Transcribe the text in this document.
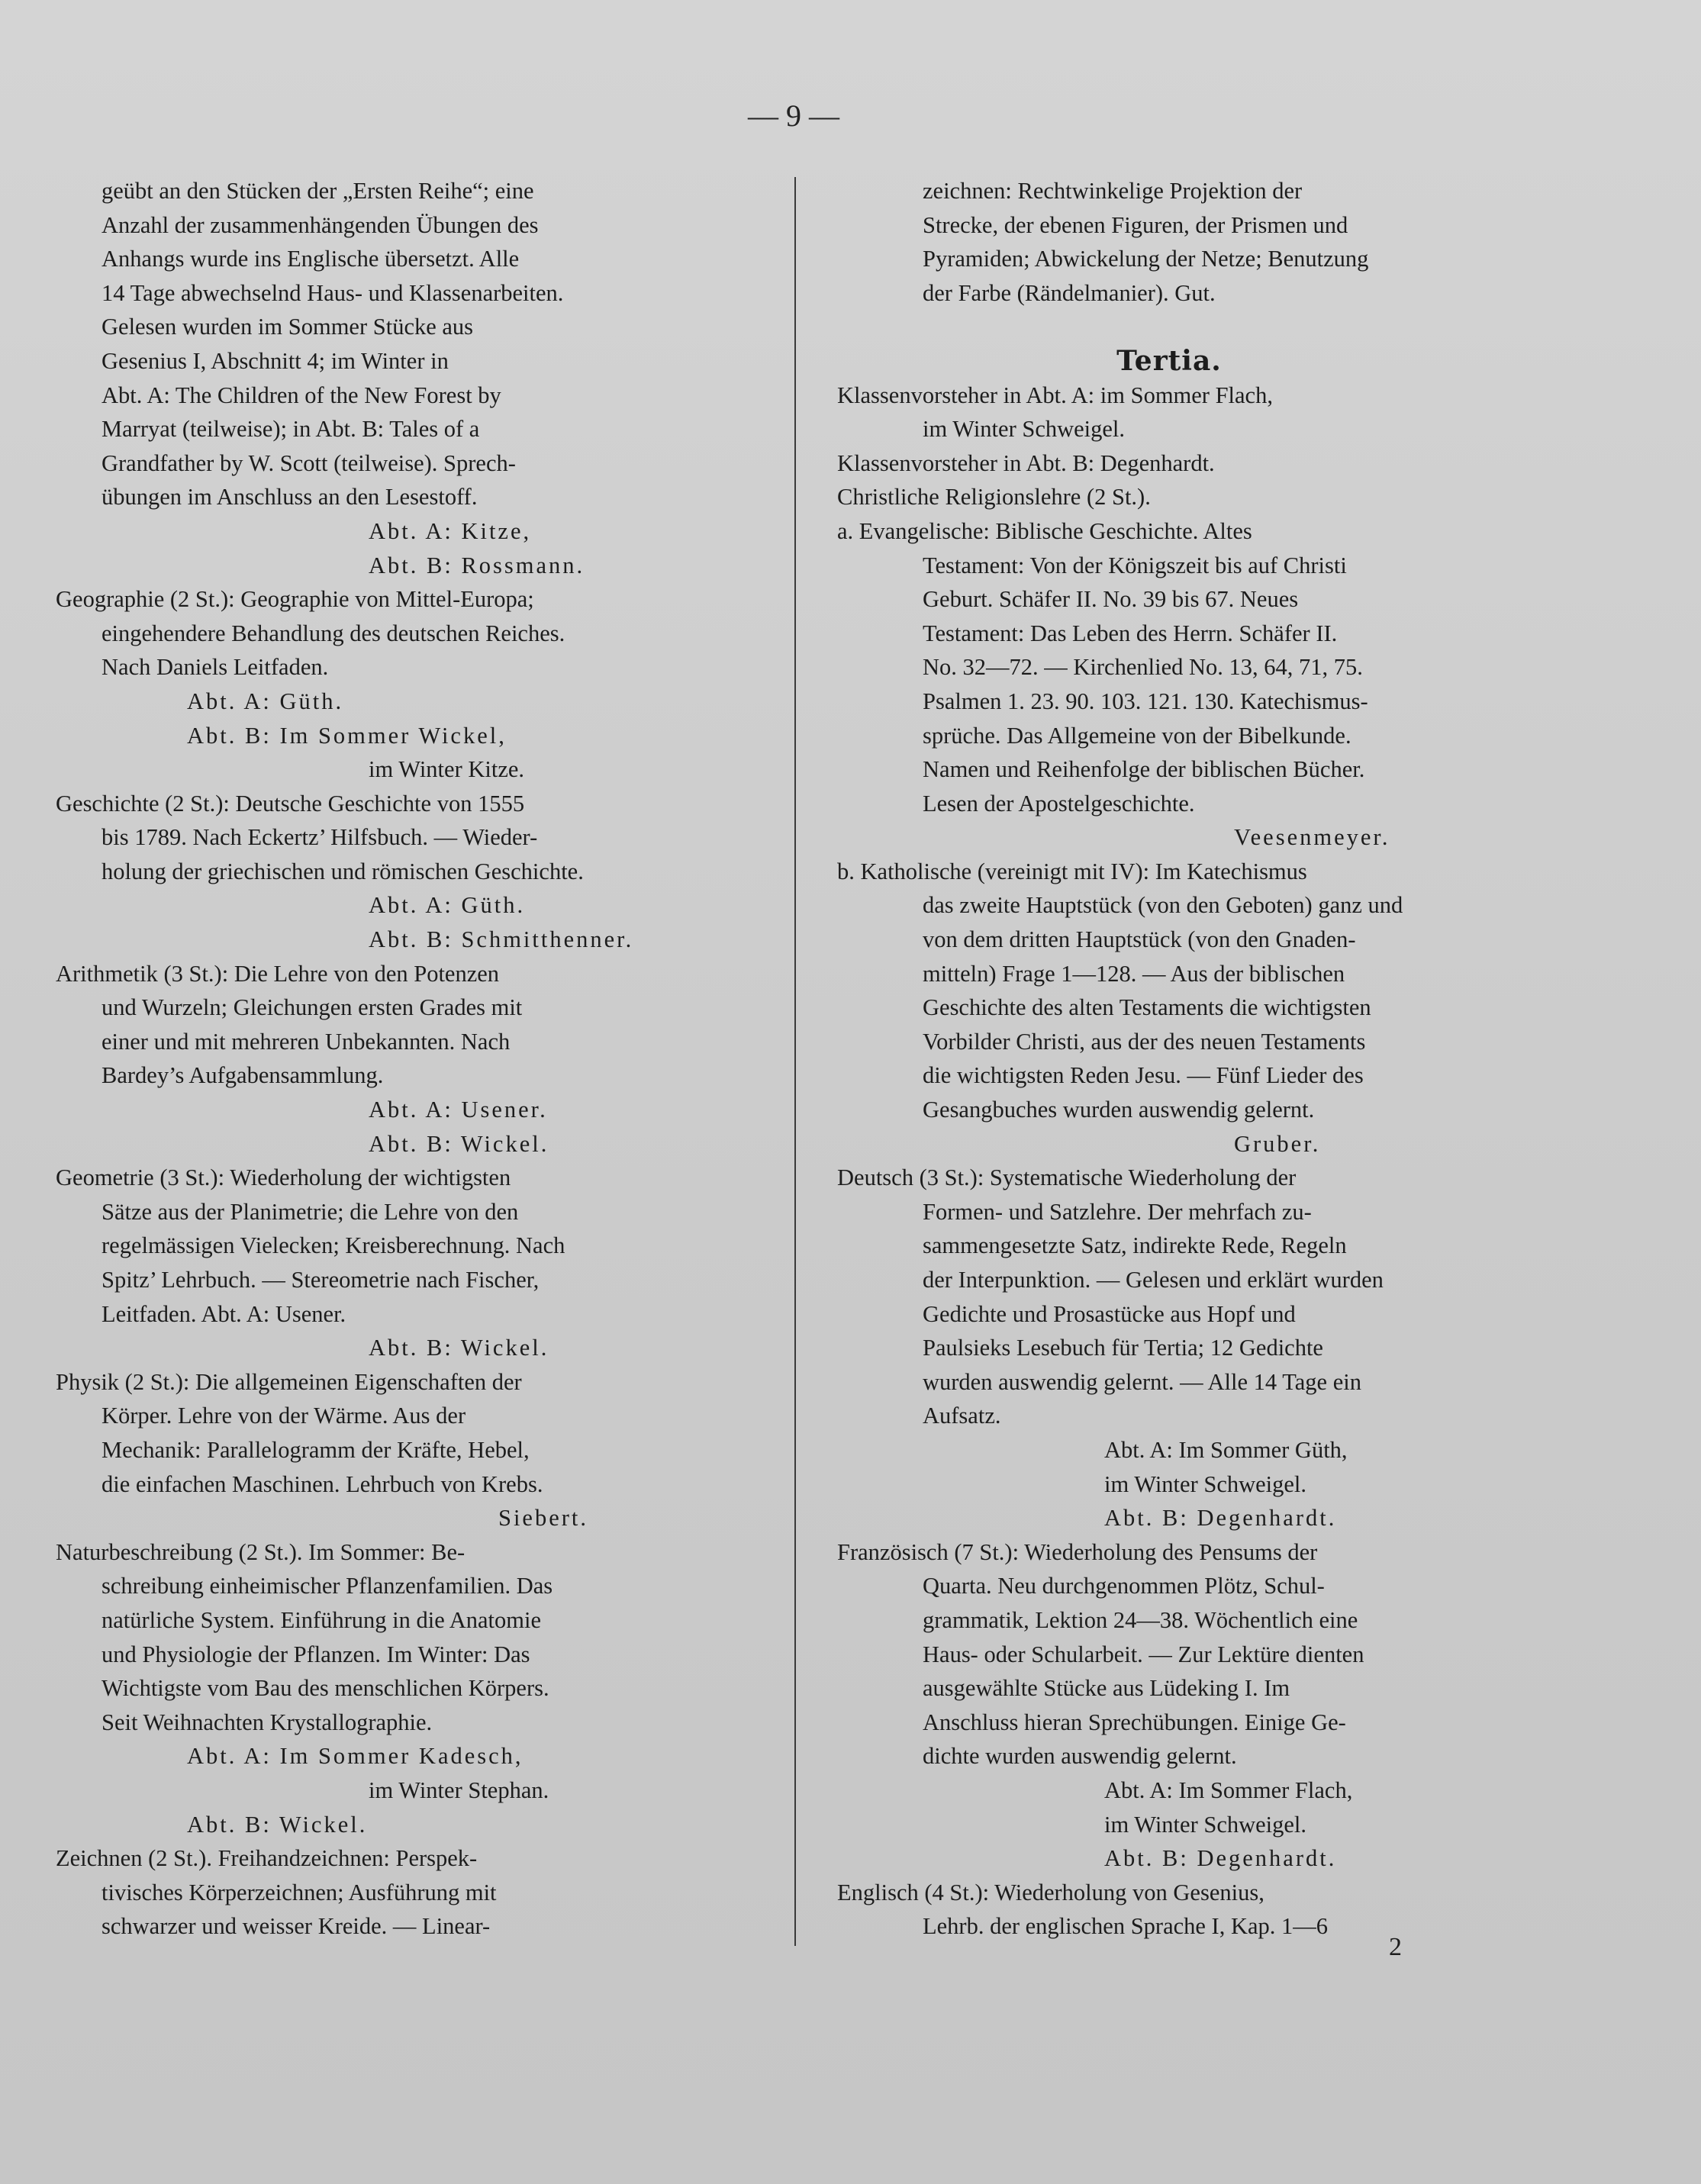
— 9 —
geübt an den Stücken der „Ersten Reihe“; eine
Anzahl der zusammenhängenden Übungen des
Anhangs wurde ins Englische übersetzt. Alle
14 Tage abwechselnd Haus- und Klassenarbeiten.
Gelesen wurden im Sommer Stücke aus
Gesenius I, Abschnitt 4; im Winter in
Abt. A: The Children of the New Forest by
Marryat (teilweise); in Abt. B: Tales of a
Grandfather by W. Scott (teilweise). Sprech-
übungen im Anschluss an den Lesestoff.
Abt. A: Kitze,
Abt. B: Rossmann.
Geographie (2 St.): Geographie von Mittel-Europa;
eingehendere Behandlung des deutschen Reiches.
Nach Daniels Leitfaden.
Abt. A: Güth.
Abt. B: Im Sommer Wickel,
im Winter Kitze.
Geschichte (2 St.): Deutsche Geschichte von 1555
bis 1789. Nach Eckertz’ Hilfsbuch. — Wieder-
holung der griechischen und römischen Geschichte.
Abt. A: Güth.
Abt. B: Schmitthenner.
Arithmetik (3 St.): Die Lehre von den Potenzen
und Wurzeln; Gleichungen ersten Grades mit
einer und mit mehreren Unbekannten. Nach
Bardey’s Aufgabensammlung.
Abt. A: Usener.
Abt. B: Wickel.
Geometrie (3 St.): Wiederholung der wichtigsten
Sätze aus der Planimetrie; die Lehre von den
regelmässigen Vielecken; Kreisberechnung. Nach
Spitz’ Lehrbuch. — Stereometrie nach Fischer,
Leitfaden. Abt. A: Usener.
Abt. B: Wickel.
Physik (2 St.): Die allgemeinen Eigenschaften der
Körper. Lehre von der Wärme. Aus der
Mechanik: Parallelogramm der Kräfte, Hebel,
die einfachen Maschinen. Lehrbuch von Krebs.
Siebert.
Naturbeschreibung (2 St.). Im Sommer: Be-
schreibung einheimischer Pflanzenfamilien. Das
natürliche System. Einführung in die Anatomie
und Physiologie der Pflanzen. Im Winter: Das
Wichtigste vom Bau des menschlichen Körpers.
Seit Weihnachten Krystallographie.
Abt. A: Im Sommer Kadesch,
im Winter Stephan.
Abt. B: Wickel.
Zeichnen (2 St.). Freihandzeichnen: Perspek-
tivisches Körperzeichnen; Ausführung mit
schwarzer und weisser Kreide. — Linear-
zeichnen: Rechtwinkelige Projektion der
Strecke, der ebenen Figuren, der Prismen und
Pyramiden; Abwickelung der Netze; Benutzung
der Farbe (Rändelmanier). Gut.
Tertia.
Klassenvorsteher in Abt. A: im Sommer Flach,
im Winter Schweigel.
Klassenvorsteher in Abt. B: Degenhardt.
Christliche Religionslehre (2 St.).
a. Evangelische: Biblische Geschichte. Altes
Testament: Von der Königszeit bis auf Christi
Geburt. Schäfer II. No. 39 bis 67. Neues
Testament: Das Leben des Herrn. Schäfer II.
No. 32—72. — Kirchenlied No. 13, 64, 71, 75.
Psalmen 1. 23. 90. 103. 121. 130. Katechismus-
sprüche. Das Allgemeine von der Bibelkunde.
Namen und Reihenfolge der biblischen Bücher.
Lesen der Apostelgeschichte.
Veesenmeyer.
b. Katholische (vereinigt mit IV): Im Katechismus
das zweite Hauptstück (von den Geboten) ganz und
von dem dritten Hauptstück (von den Gnaden-
mitteln) Frage 1—128. — Aus der biblischen
Geschichte des alten Testaments die wichtigsten
Vorbilder Christi, aus der des neuen Testaments
die wichtigsten Reden Jesu. — Fünf Lieder des
Gesangbuches wurden auswendig gelernt.
Gruber.
Deutsch (3 St.): Systematische Wiederholung der
Formen- und Satzlehre. Der mehrfach zu-
sammengesetzte Satz, indirekte Rede, Regeln
der Interpunktion. — Gelesen und erklärt wurden
Gedichte und Prosastücke aus Hopf und
Paulsieks Lesebuch für Tertia; 12 Gedichte
wurden auswendig gelernt. — Alle 14 Tage ein
Aufsatz.
Abt. A: Im Sommer Güth,
im Winter Schweigel.
Abt. B: Degenhardt.
Französisch (7 St.): Wiederholung des Pensums der
Quarta. Neu durchgenommen Plötz, Schul-
grammatik, Lektion 24—38. Wöchentlich eine
Haus- oder Schularbeit. — Zur Lektüre dienten
ausgewählte Stücke aus Lüdeking I. Im
Anschluss hieran Sprechübungen. Einige Ge-
dichte wurden auswendig gelernt.
Abt. A: Im Sommer Flach,
im Winter Schweigel.
Abt. B: Degenhardt.
Englisch (4 St.): Wiederholung von Gesenius,
Lehrb. der englischen Sprache I, Kap. 1—6
2
